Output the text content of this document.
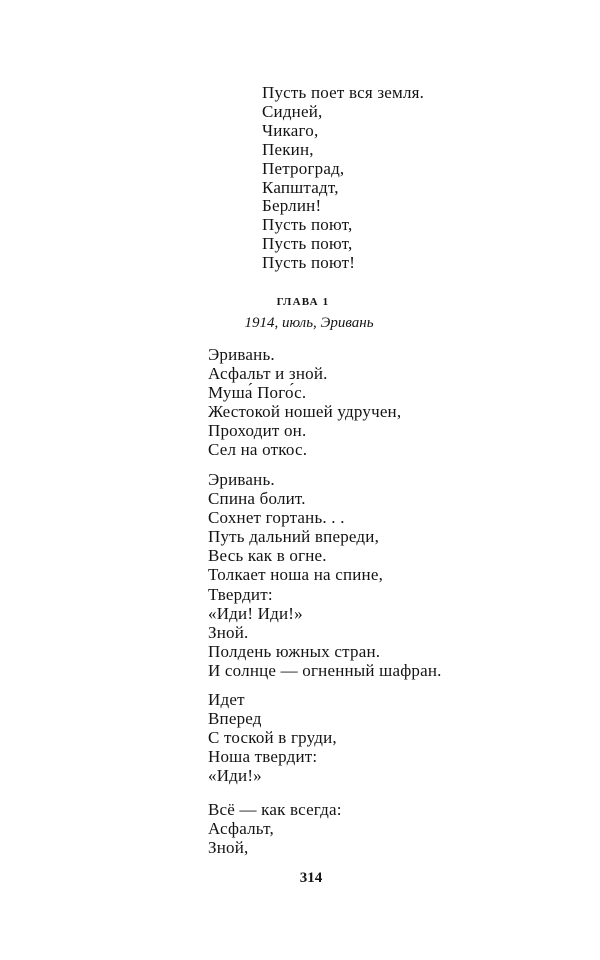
Пусть поет вся земля.
Сидней,
Чикаго,
Пекин,
Петроград,
Капштадт,
Берлин!
Пусть поют,
Пусть поют,
Пусть поют!
ГЛАВА 1
1914, июль, Эривань
Эривань.
Асфальт и зной.
Муша́ Пого́с.
Жестокой ношей удручен,
Проходит он.
Сел на откос.
Эривань.
Спина болит.
Сохнет гортань. . .
Путь дальний впереди,
Весь как в огне.
Толкает ноша на спине,
Твердит:
«Иди! Иди!»
Зной.
Полдень южных стран.
И солнце — огненный шафран.
Идет
Вперед
С тоской в груди,
Ноша твердит:
«Иди!»
Всё — как всегда:
Асфальт,
Зной,
314
